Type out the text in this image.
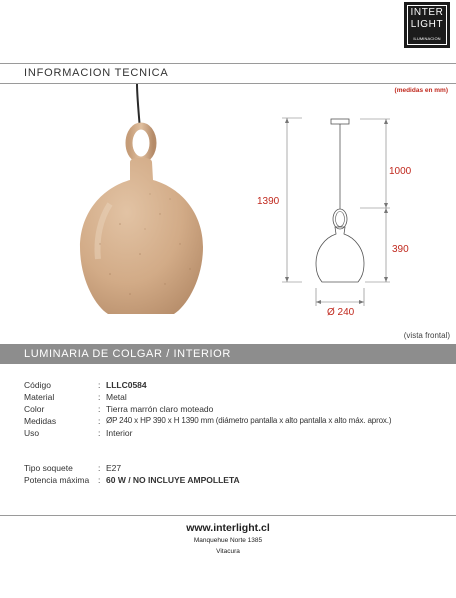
INTER
LIGHT
ILUMINACION
INFORMACION TECNICA
(medidas en mm)
1390
1000
390
Ø 240
(vista frontal)
LUMINARIA DE COLGAR / INTERIOR
Código	: LLLC0584
Material	: Metal
Color	: Tierra marrón claro moteado
Medidas	: ØP 240 x HP 390 x H 1390 mm (diámetro pantalla x alto pantalla x alto máx. aprox.)
Uso	: Interior
Tipo soquete	: E27
Potencia máxima : 60 W / NO INCLUYE AMPOLLETA
www.interlight.cl
Manquehue Norte 1385
Vitacura
